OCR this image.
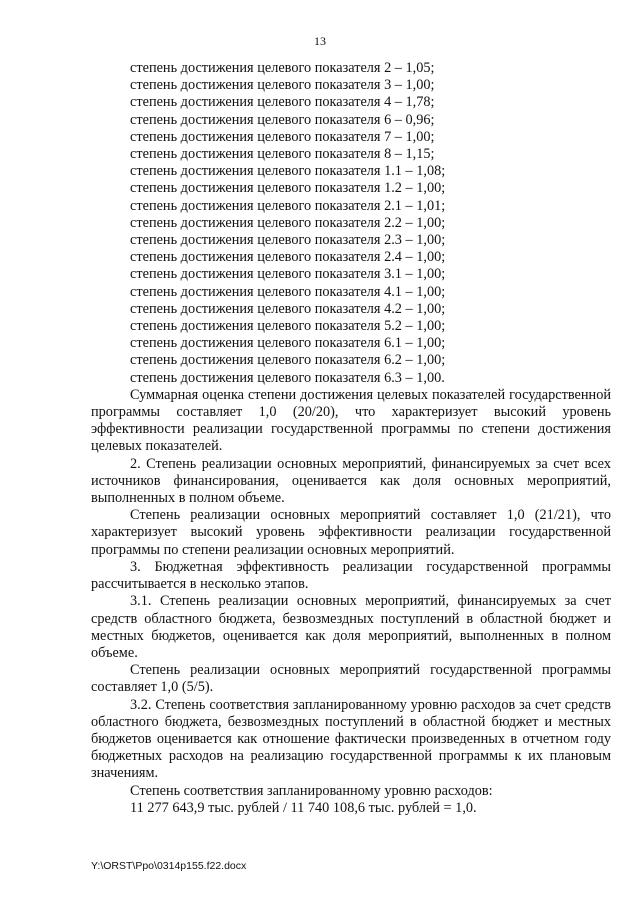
13
степень достижения целевого показателя 2 – 1,05;
степень достижения целевого показателя 3 – 1,00;
степень достижения целевого показателя 4 – 1,78;
степень достижения целевого показателя 6 – 0,96;
степень достижения целевого показателя 7 – 1,00;
степень достижения целевого показателя 8 – 1,15;
степень достижения целевого показателя 1.1 – 1,08;
степень достижения целевого показателя 1.2 – 1,00;
степень достижения целевого показателя 2.1 – 1,01;
степень достижения целевого показателя 2.2 – 1,00;
степень достижения целевого показателя 2.3 – 1,00;
степень достижения целевого показателя 2.4 – 1,00;
степень достижения целевого показателя 3.1 – 1,00;
степень достижения целевого показателя 4.1 – 1,00;
степень достижения целевого показателя 4.2 – 1,00;
степень достижения целевого показателя 5.2 – 1,00;
степень достижения целевого показателя 6.1 – 1,00;
степень достижения целевого показателя 6.2 – 1,00;
степень достижения целевого показателя 6.3 – 1,00.

Суммарная оценка степени достижения целевых показателей государственной программы составляет 1,0 (20/20), что характеризует высокий уровень эффективности реализации государственной программы по степени достижения целевых показателей.

2. Степень реализации основных мероприятий, финансируемых за счет всех источников финансирования, оценивается как доля основных мероприятий, выполненных в полном объеме.

Степень реализации основных мероприятий составляет 1,0 (21/21), что характеризует высокий уровень эффективности реализации государственной программы по степени реализации основных мероприятий.

3. Бюджетная эффективность реализации государственной программы рассчитывается в несколько этапов.

3.1. Степень реализации основных мероприятий, финансируемых за счет средств областного бюджета, безвозмездных поступлений в областной бюджет и местных бюджетов, оценивается как доля мероприятий, выполненных в полном объеме.

Степень реализации основных мероприятий государственной программы составляет 1,0 (5/5).

3.2. Степень соответствия запланированному уровню расходов за счет средств областного бюджета, безвозмездных поступлений в областной бюджет и местных бюджетов оценивается как отношение фактически произведенных в отчетном году бюджетных расходов на реализацию государственной программы к их плановым значениям.

Степень соответствия запланированному уровню расходов:
11 277 643,9 тыс. рублей / 11 740 108,6 тыс. рублей = 1,0.
Y:\ORST\Ppo\0314p155.f22.docx
